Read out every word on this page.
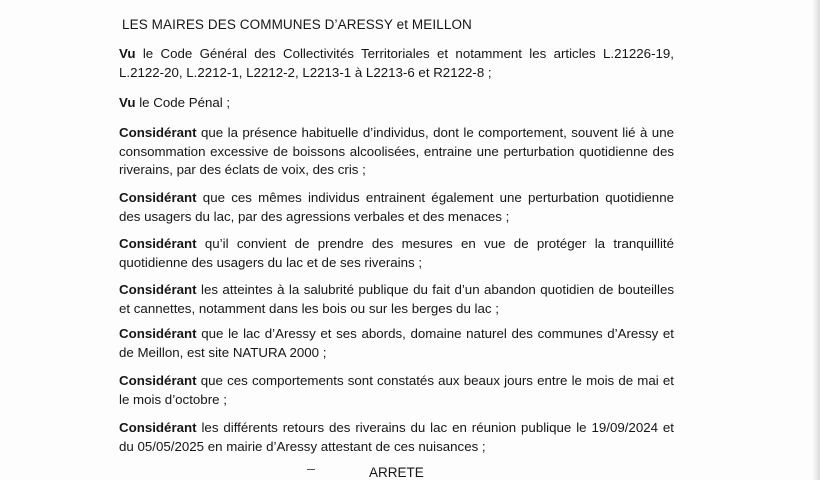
LES MAIRES DES COMMUNES D’ARESSY et MEILLON

Vu le Code Général des Collectivités Territoriales et notamment les articles L.21226-19, L.2122-20, L.2212-1, L2212-2, L2213-1 à L2213-6 et R2122-8 ;

Vu le Code Pénal ;

Considérant que la présence habituelle d’individus, dont le comportement, souvent lié à une consommation excessive de boissons alcoolisées, entraine une perturbation quotidienne des riverains, par des éclats de voix, des cris ;

Considérant que ces mêmes individus entrainent également une perturbation quotidienne des usagers du lac, par des agressions verbales et des menaces ;

Considérant qu’il convient de prendre des mesures en vue de protéger la tranquillité quotidienne des usagers du lac et de ses riverains ;

Considérant les atteintes à la salubrité publique du fait d’un abandon quotidien de bouteilles et cannettes, notamment dans les bois ou sur les berges du lac ;

Considérant que le lac d’Aressy et ses abords, domaine naturel des communes d’Aressy et de Meillon, est site NATURA 2000 ;

Considérant que ces comportements sont constatés aux beaux jours entre le mois de mai et le mois d’octobre ;

Considérant les différents retours des riverains du lac en réunion publique le 19/09/2024 et du 05/05/2025 en mairie d’Aressy attestant de ces nuisances ;

ARRETE
